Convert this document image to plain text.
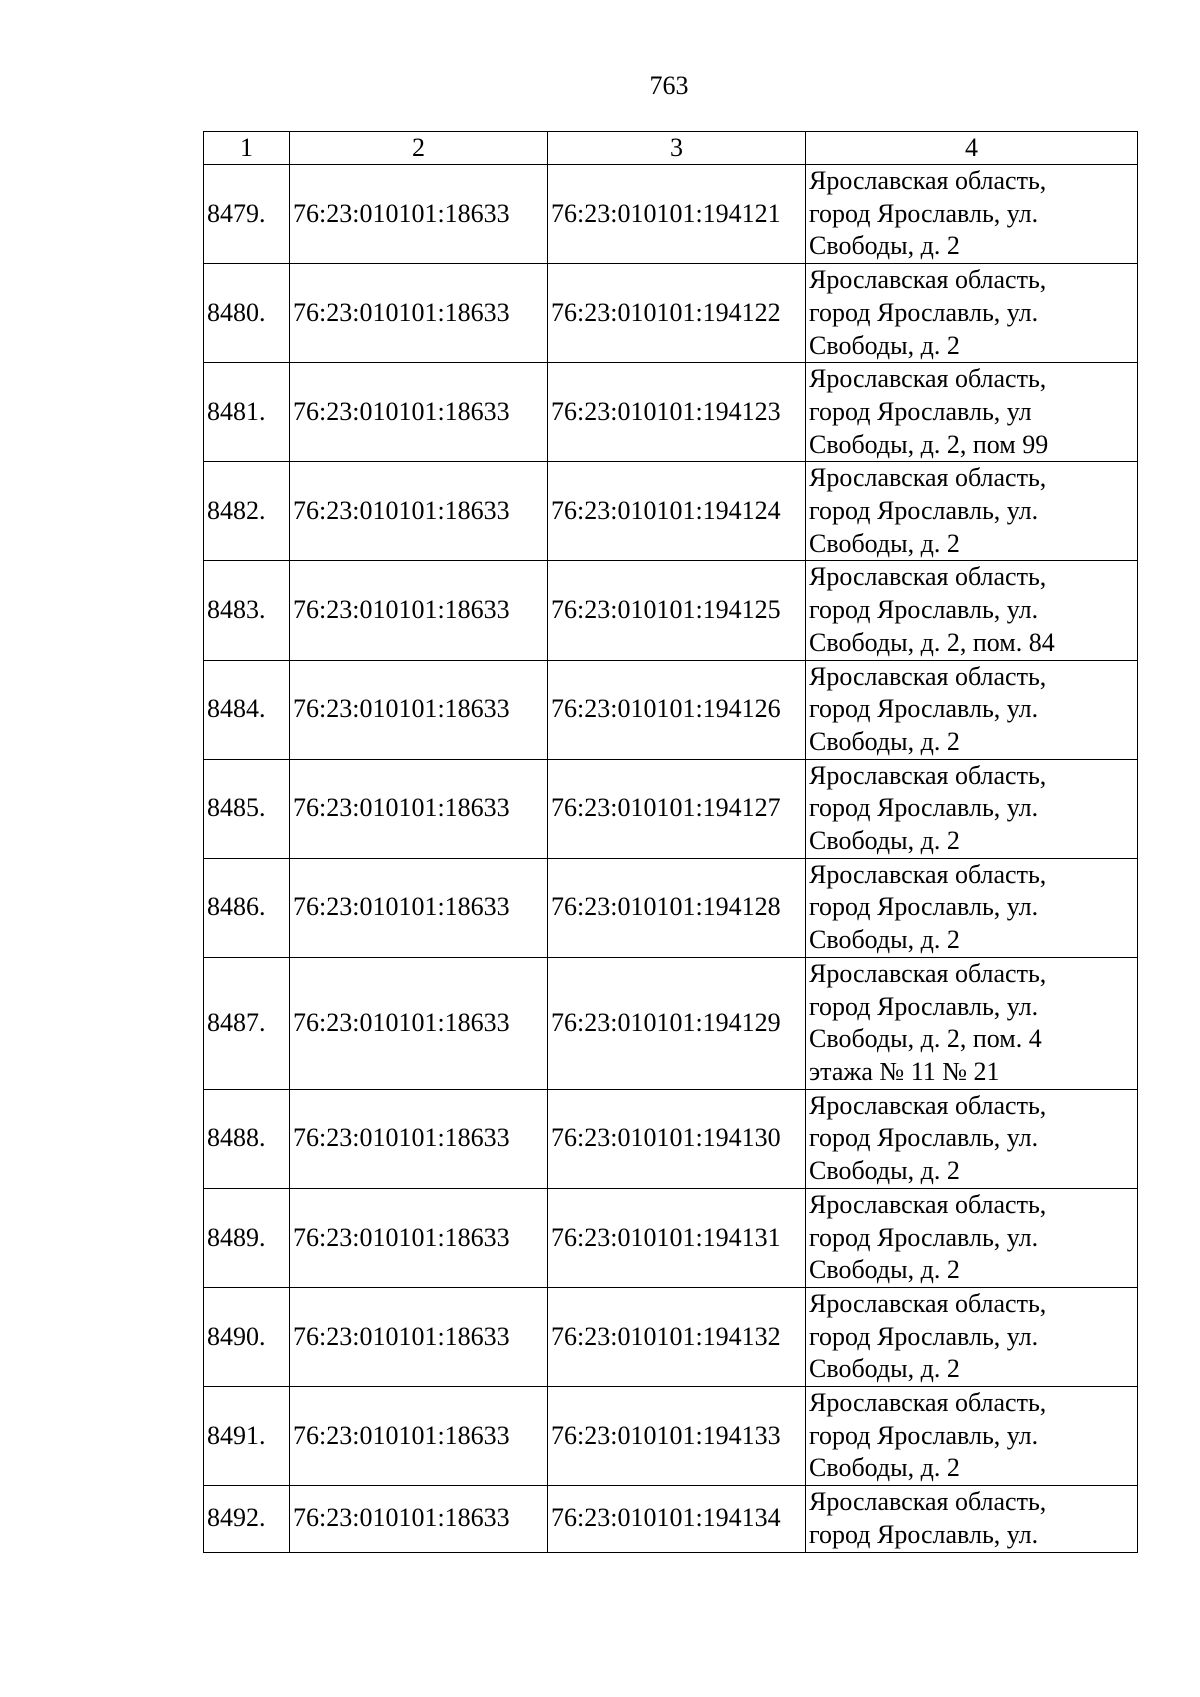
763
1	2	3	4
8479.	76:23:010101:18633	76:23:010101:194121	Ярославская область,
город Ярославль, ул.
Свободы, д. 2

8480.	76:23:010101:18633	76:23:010101:194122	Ярославская область,
город Ярославль, ул.
Свободы, д. 2

8481.	76:23:010101:18633	76:23:010101:194123	Ярославская область,
город Ярославль, ул
Свободы, д. 2, пом 99

8482.	76:23:010101:18633	76:23:010101:194124	Ярославская область,
город Ярославль, ул.
Свободы, д. 2

8483.	76:23:010101:18633	76:23:010101:194125	Ярославская область,
город Ярославль, ул.
Свободы, д. 2, пом. 84

8484.	76:23:010101:18633	76:23:010101:194126	Ярославская область,
город Ярославль, ул.
Свободы, д. 2

8485.	76:23:010101:18633	76:23:010101:194127	Ярославская область,
город Ярославль, ул.
Свободы, д. 2

8486.	76:23:010101:18633	76:23:010101:194128	Ярославская область,
город Ярославль, ул.
Свободы, д. 2

8487.	76:23:010101:18633	76:23:010101:194129	Ярославская область,
город Ярославль, ул.
Свободы, д. 2, пом. 4
этажа № 11 № 21

8488.	76:23:010101:18633	76:23:010101:194130	Ярославская область,
город Ярославль, ул.
Свободы, д. 2

8489.	76:23:010101:18633	76:23:010101:194131	Ярославская область,
город Ярославль, ул.
Свободы, д. 2

8490.	76:23:010101:18633	76:23:010101:194132	Ярославская область,
город Ярославль, ул.
Свободы, д. 2

8491.	76:23:010101:18633	76:23:010101:194133	Ярославская область,
город Ярославль, ул.
Свободы, д. 2

8492.	76:23:010101:18633	76:23:010101:194134	Ярославская область,
город Ярославль, ул.
